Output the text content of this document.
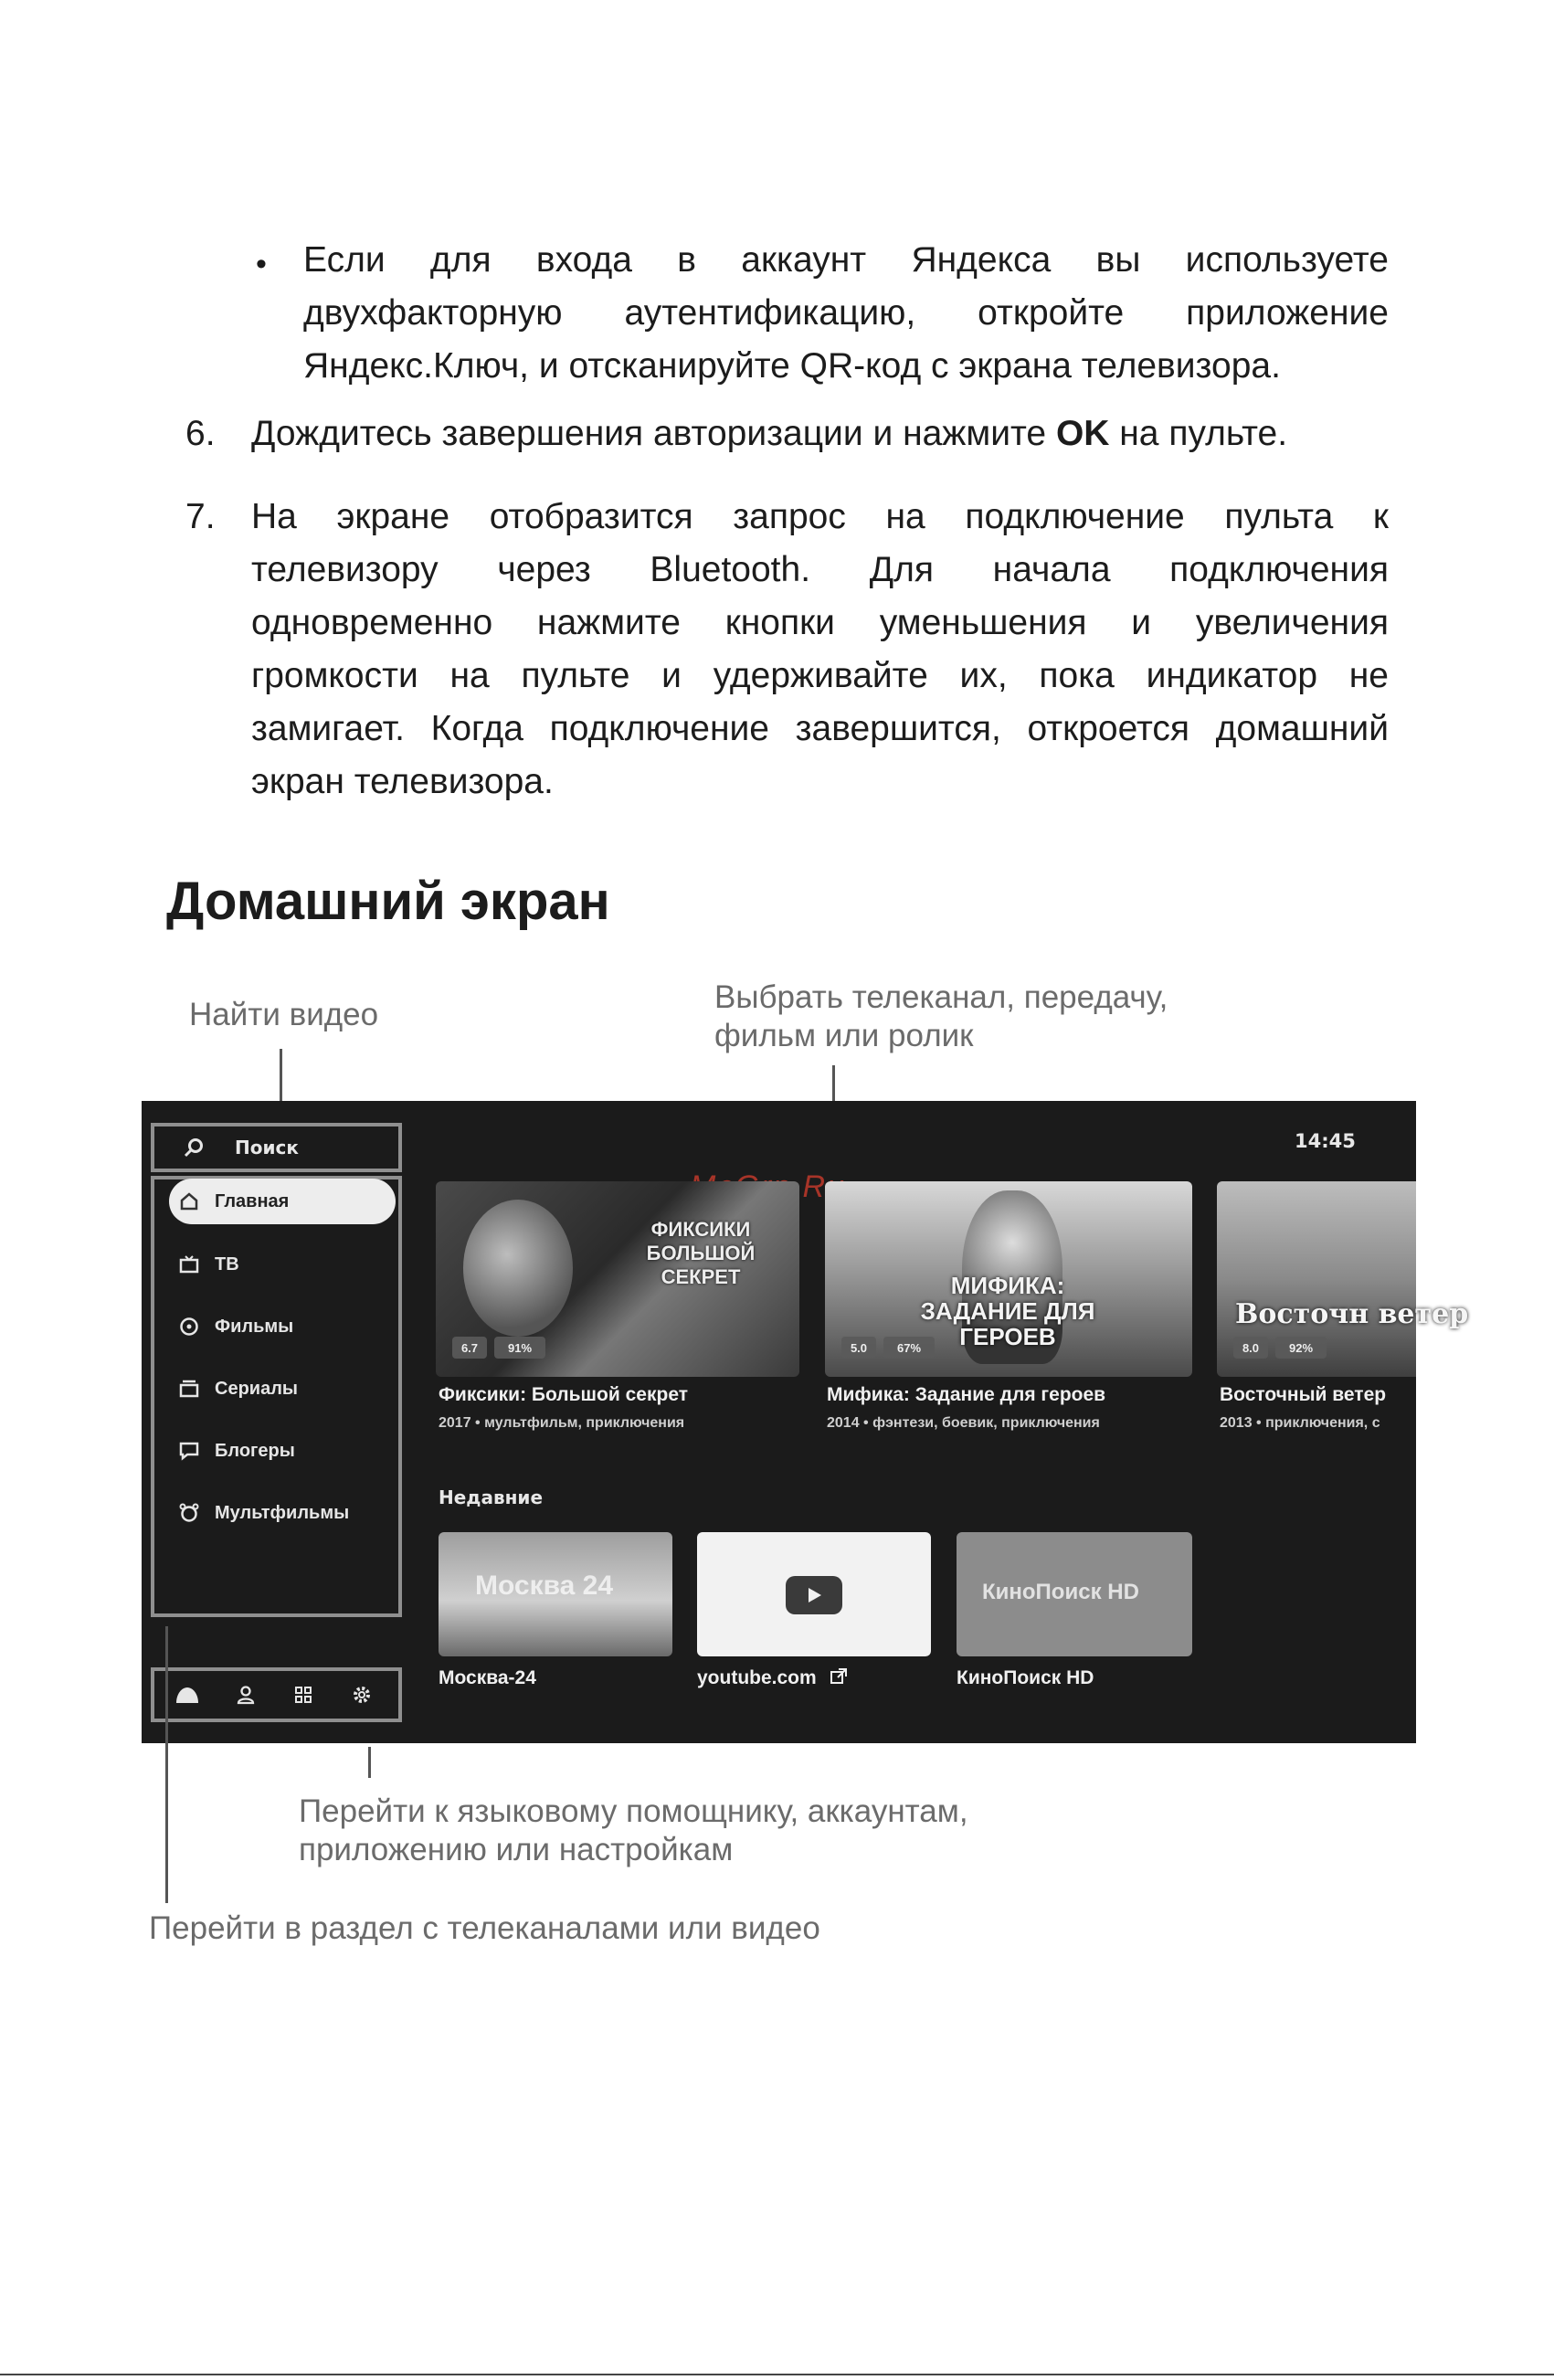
• Если для входа в аккаунт Яндекса вы используете
двухфакторную аутентификацию, откройте приложение
Яндекс.Ключ, и отсканируйте QR-код с экрана телевизора.
6. Дождитесь завершения авторизации и нажмите OK на пульте.
7. На экране отобразится запрос на подключение пульта к
телевизору через Bluetooth. Для начала подключения
одновременно нажмите кнопки уменьшения и увеличения
громкости на пульте и удерживайте их, пока индикатор не
замигает. Когда подключение завершится, откроется домашний
экран телевизора.
Домашний экран
Найти видео	Выбрать телеканал, передачу,
фильм или ролик
Поиск
Главная
ТВ
Фильмы
Сериалы
Блогеры
Мультфильмы
14:45
ФИКСИКИ БОЛЬШОЙ СЕКРЕТ
6.7	91%
Фиксики: Большой секрет
2017 • мультфильм, приключения
МИФИКА: ЗАДАНИЕ ДЛЯ ГЕРОЕВ
5.0	67%
Мифика: Задание для героев
2014 • фэнтези, боевик, приключения
Восточн ветер
8.0	92%
Восточный ветер
2013 • приключения, с
Недавние
Москва 24
Москва-24	youtube.com
КиноПоиск HD
КиноПоиск HD
Перейти к языковому помощнику, аккаунтам,
приложению или настройкам
Перейти в раздел с телеканалами или видео
